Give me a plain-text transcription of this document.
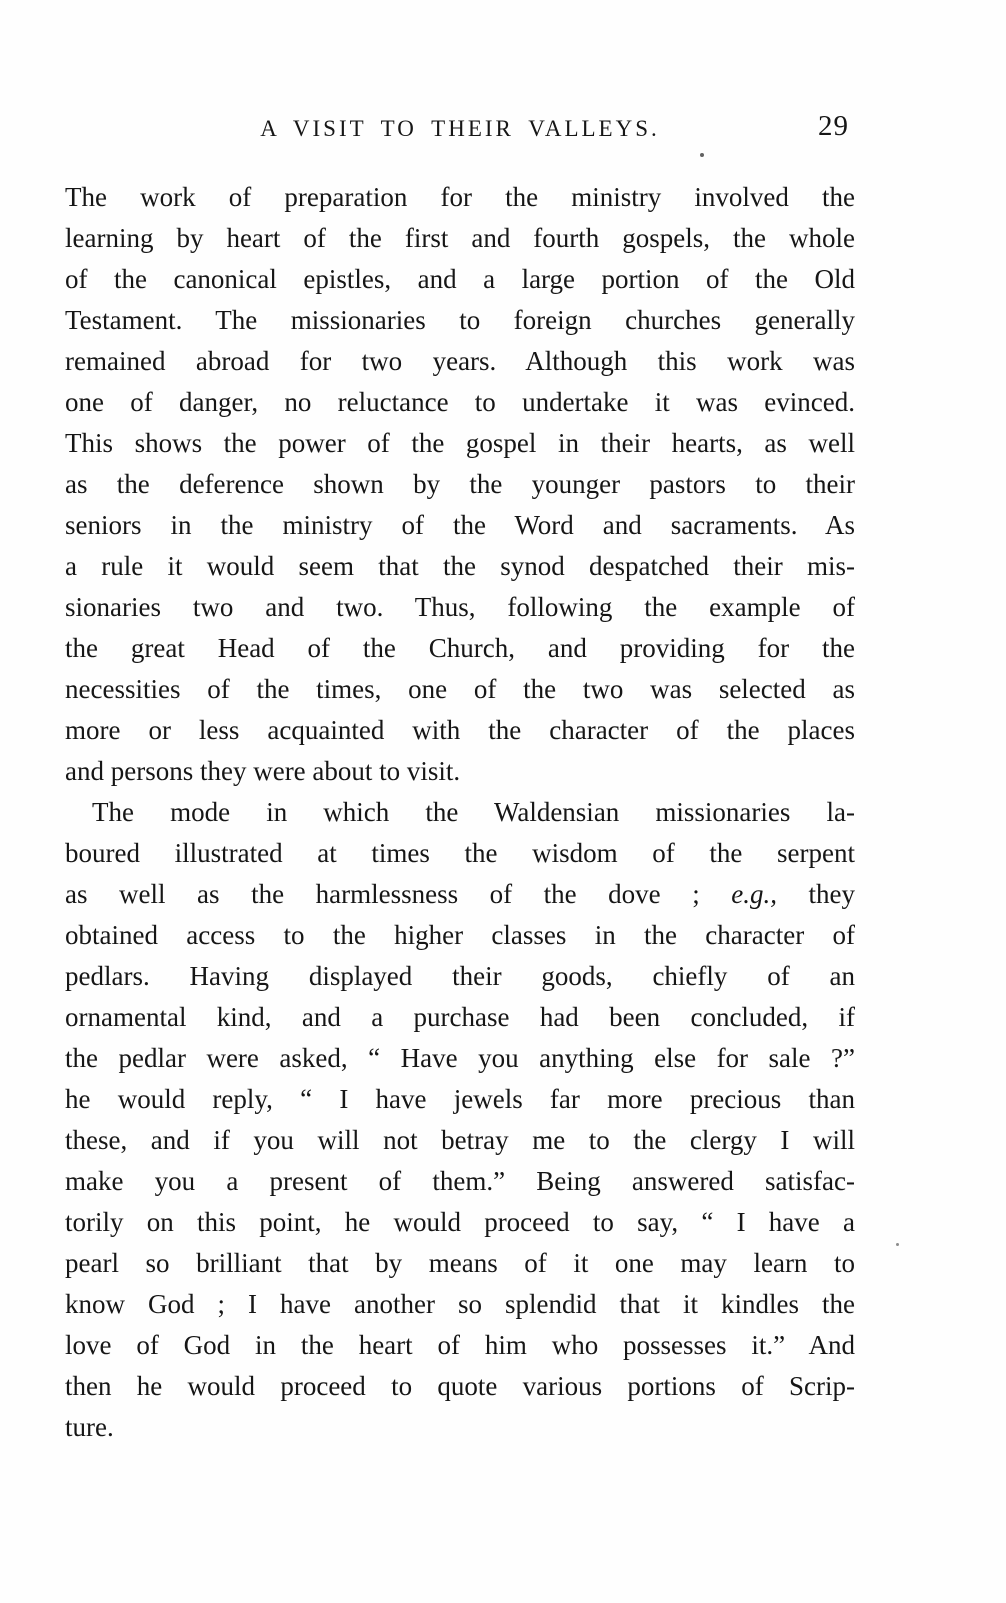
A VISIT TO THEIR VALLEYS.	29

The work of preparation for the ministry involved the
learning by heart of the first and fourth gospels, the whole
of the canonical epistles, and a large portion of the Old
Testament. The missionaries to foreign churches generally
remained abroad for two years. Although this work was
one of danger, no reluctance to undertake it was evinced.
This shows the power of the gospel in their hearts, as well
as the deference shown by the younger pastors to their
seniors in the ministry of the Word and sacraments. As
a rule it would seem that the synod despatched their mis-
sionaries two and two. Thus, following the example of
the great Head of the Church, and providing for the
necessities of the times, one of the two was selected as
more or less acquainted with the character of the places
and persons they were about to visit.

The mode in which the Waldensian missionaries la-
boured illustrated at times the wisdom of the serpent
as well as the harmlessness of the dove ; e.g., they
obtained access to the higher classes in the character of
pedlars. Having displayed their goods, chiefly of an
ornamental kind, and a purchase had been concluded, if
the pedlar were asked, “ Have you anything else for sale ?”
he would reply, “ I have jewels far more precious than
these, and if you will not betray me to the clergy I will
make you a present of them.” Being answered satisfac-
torily on this point, he would proceed to say, “ I have a
pearl so brilliant that by means of it one may learn to
know God ; I have another so splendid that it kindles the
love of God in the heart of him who possesses it.” And
then he would proceed to quote various portions of Scrip-
ture.
